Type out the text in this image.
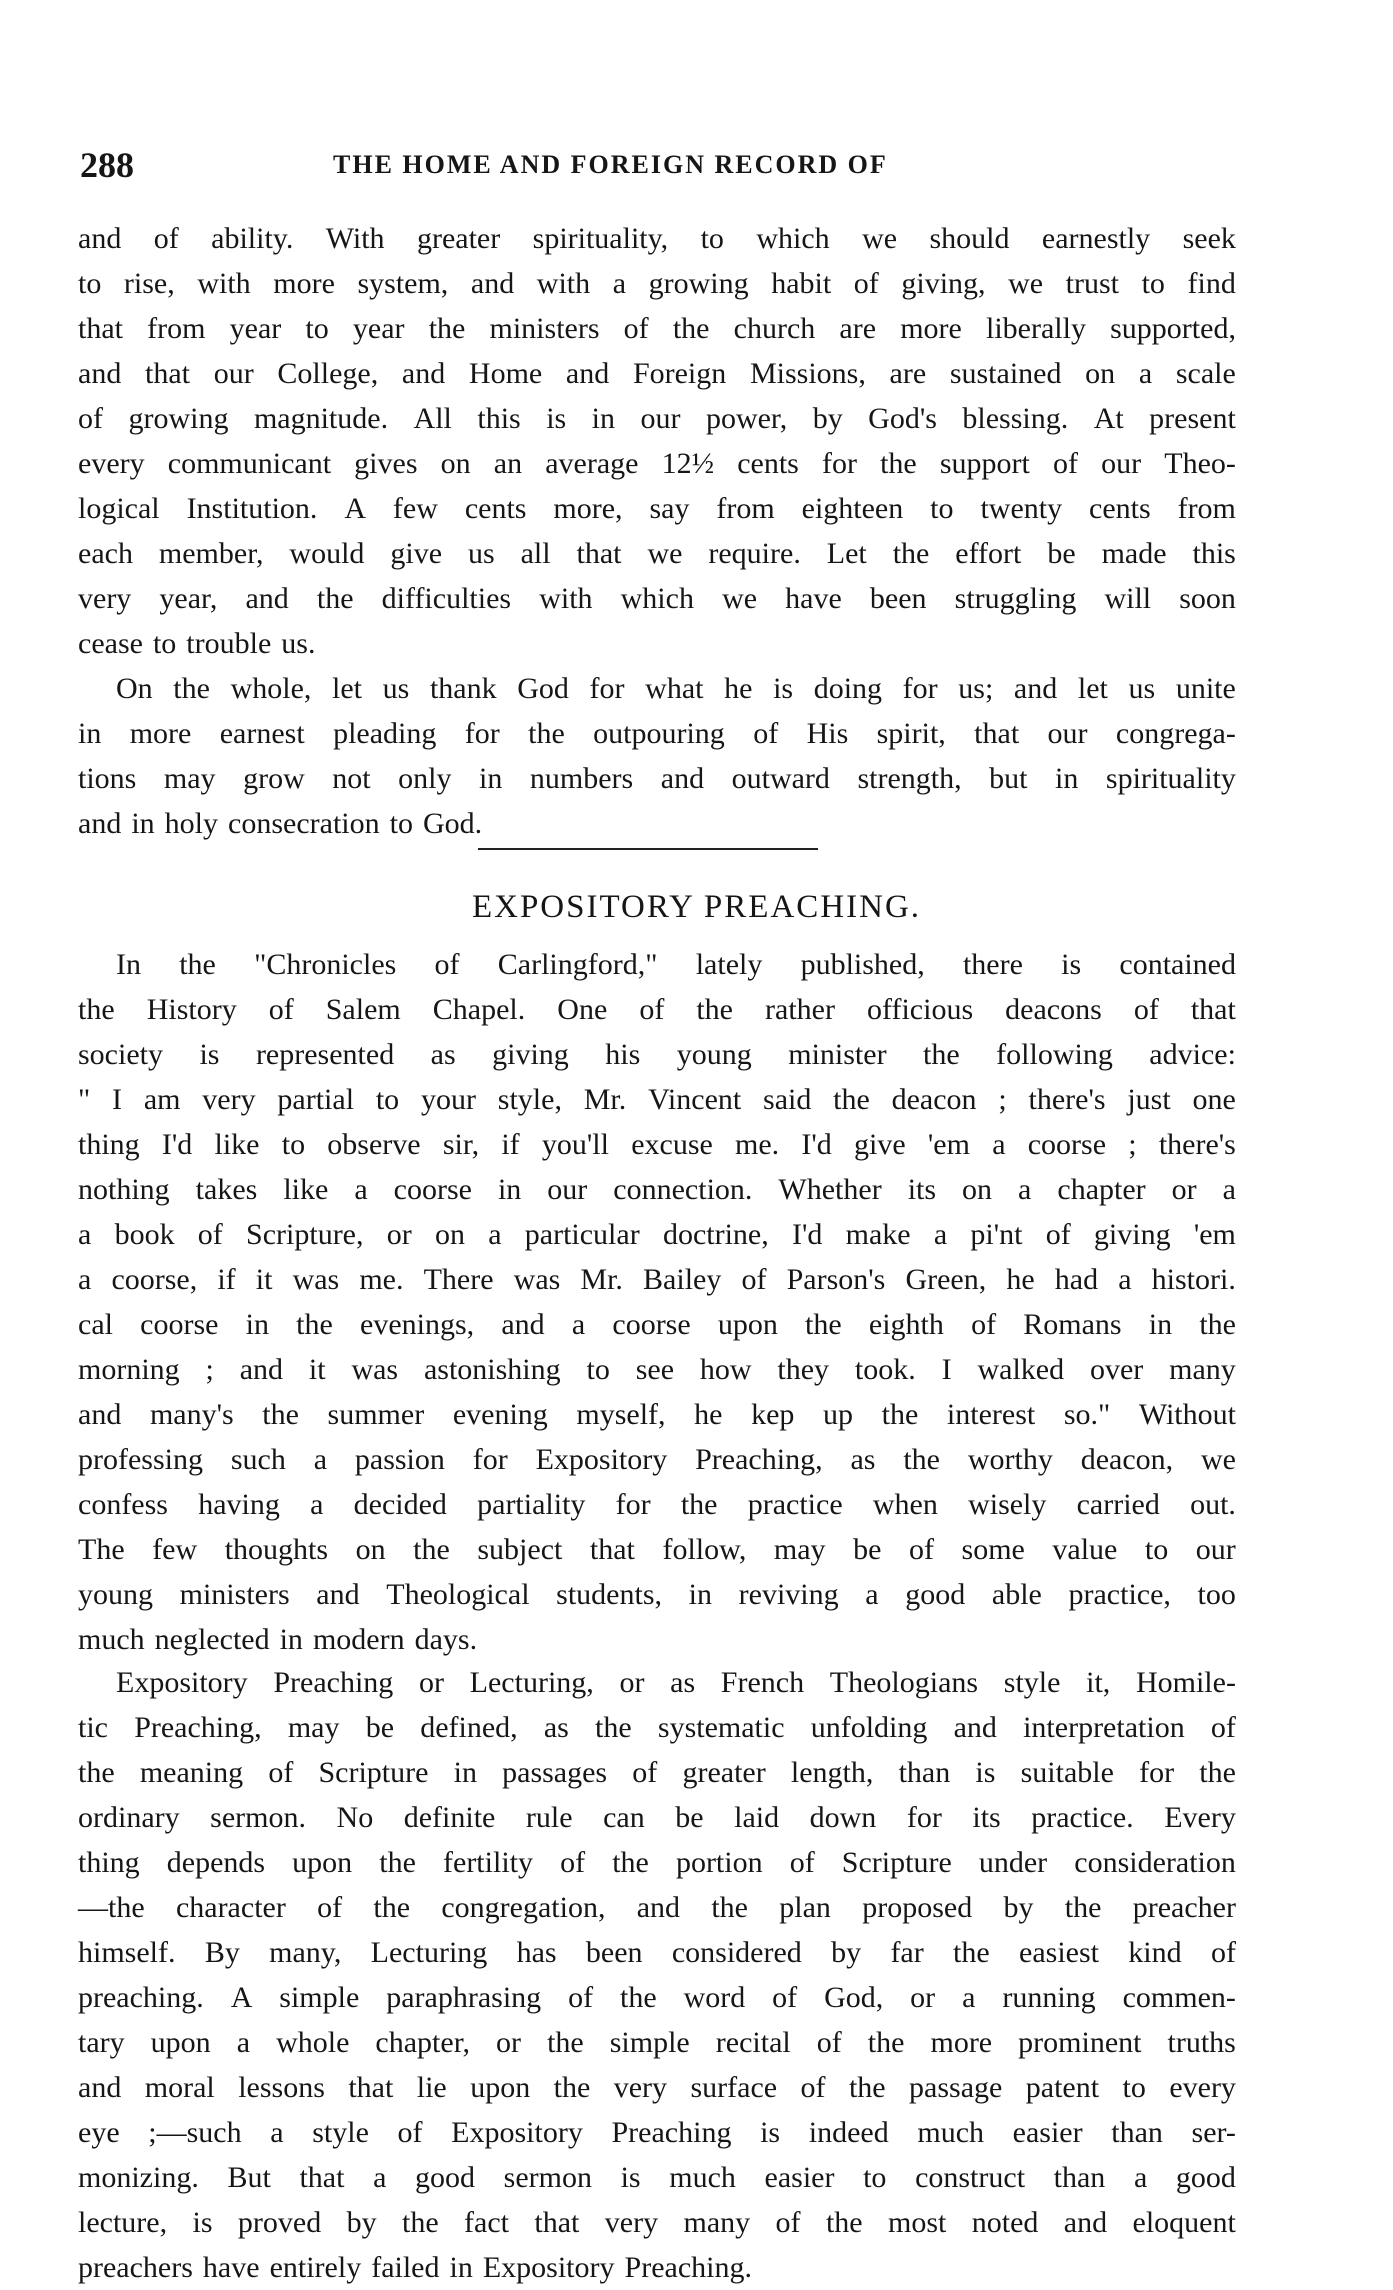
288	THE HOME AND FOREIGN RECORD OF
and of ability. With greater spirituality, to which we should earnestly seek
to rise, with more system, and with a growing habit of giving, we trust to find
that from year to year the ministers of the church are more liberally supported,
and that our College, and Home and Foreign Missions, are sustained on a scale
of growing magnitude. All this is in our power, by God's blessing. At present
every communicant gives on an average 12½ cents for the support of our Theo-
logical Institution. A few cents more, say from eighteen to twenty cents from
each member, would give us all that we require. Let the effort be made this
very year, and the difficulties with which we have been struggling will soon
cease to trouble us.
On the whole, let us thank God for what he is doing for us; and let us unite
in more earnest pleading for the outpouring of His spirit, that our congrega-
tions may grow not only in numbers and outward strength, but in spirituality
and in holy consecration to God.
In the "Chronicles of Carlingford," lately published, there is contained
the History of Salem Chapel. One of the rather officious deacons of that
society is represented as giving his young minister the following advice:
" I am very partial to your style, Mr. Vincent said the deacon ; there's just one
thing I'd like to observe sir, if you'll excuse me. I'd give 'em a coorse ; there's
nothing takes like a coorse in our connection. Whether its on a chapter or a
a book of Scripture, or on a particular doctrine, I'd make a pi'nt of giving 'em
a coorse, if it was me. There was Mr. Bailey of Parson's Green, he had a histori.
cal coorse in the evenings, and a coorse upon the eighth of Romans in the
morning ; and it was astonishing to see how they took. I walked over many
and many's the summer evening myself, he kep up the interest so." Without
professing such a passion for Expository Preaching, as the worthy deacon, we
confess having a decided partiality for the practice when wisely carried out.
The few thoughts on the subject that follow, may be of some value to our
young ministers and Theological students, in reviving a good able practice, too
much neglected in modern days.
Expository Preaching or Lecturing, or as French Theologians style it, Homile-
tic Preaching, may be defined, as the systematic unfolding and interpretation of
the meaning of Scripture in passages of greater length, than is suitable for the
ordinary sermon. No definite rule can be laid down for its practice. Every
thing depends upon the fertility of the portion of Scripture under consideration
—the character of the congregation, and the plan proposed by the preacher
himself. By many, Lecturing has been considered by far the easiest kind of
preaching. A simple paraphrasing of the word of God, or a running commen-
tary upon a whole chapter, or the simple recital of the more prominent truths
and moral lessons that lie upon the very surface of the passage patent to every
eye ;—such a style of Expository Preaching is indeed much easier than ser-
monizing. But that a good sermon is much easier to construct than a good
lecture, is proved by the fact that very many of the most noted and eloquent
preachers have entirely failed in Expository Preaching.
EXPOSITORY PREACHING.
